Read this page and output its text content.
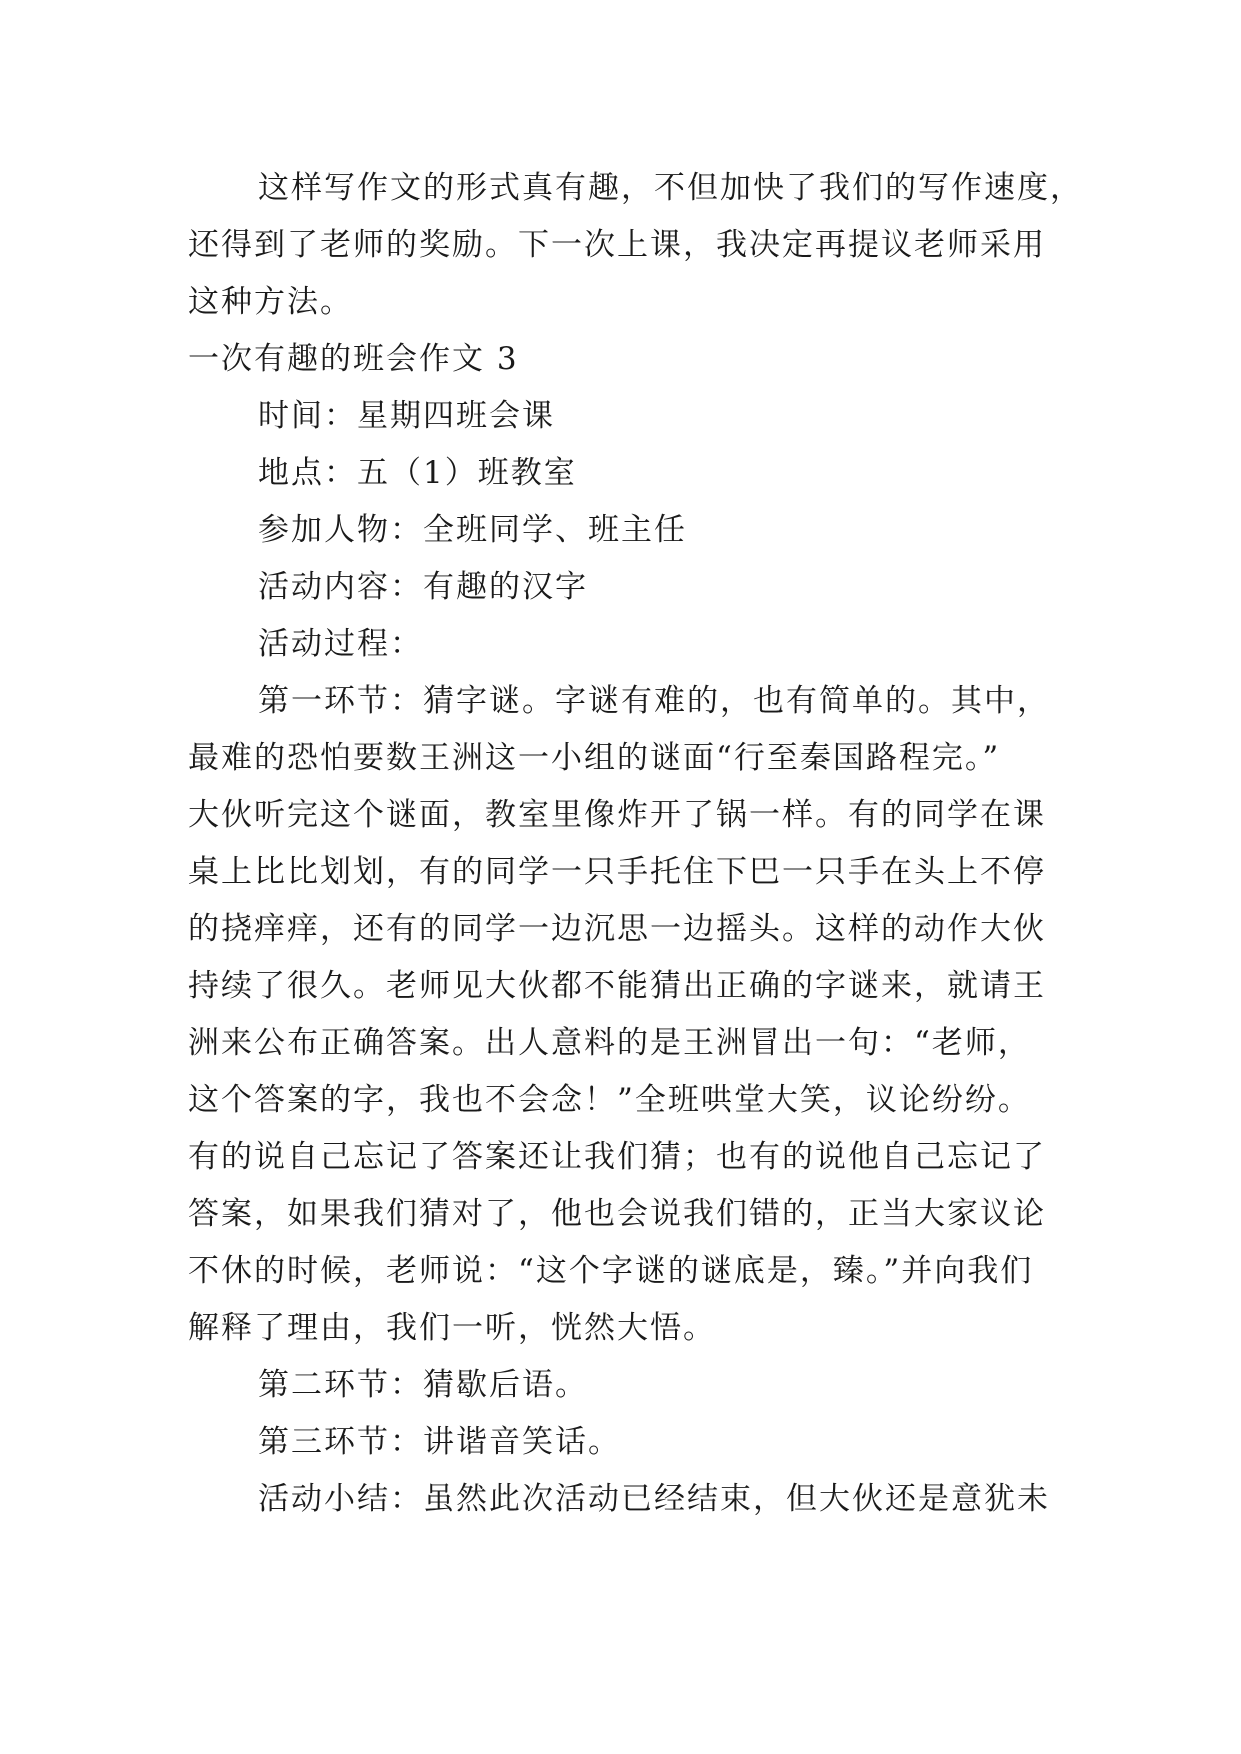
这样写作文的形式真有趣，不但加快了我们的写作速度，
还得到了老师的奖励。下一次上课，我决定再提议老师采用
这种方法。
一次有趣的班会作文 3
时间：星期四班会课
地点：五（1）班教室
参加人物：全班同学、班主任
活动内容：有趣的汉字
活动过程：
第一环节：猜字谜。字谜有难的，也有简单的。其中，
最难的恐怕要数王洲这一小组的谜面“行至秦国路程完。”
大伙听完这个谜面，教室里像炸开了锅一样。有的同学在课
桌上比比划划，有的同学一只手托住下巴一只手在头上不停
的挠痒痒，还有的同学一边沉思一边摇头。这样的动作大伙
持续了很久。老师见大伙都不能猜出正确的字谜来，就请王
洲来公布正确答案。出人意料的是王洲冒出一句：“老师，
这个答案的字，我也不会念！”全班哄堂大笑，议论纷纷。
有的说自己忘记了答案还让我们猜；也有的说他自己忘记了
答案，如果我们猜对了，他也会说我们错的，正当大家议论
不休的时候，老师说：“这个字谜的谜底是，臻。”并向我们
解释了理由，我们一听，恍然大悟。
第二环节：猜歇后语。
第三环节：讲谐音笑话。
活动小结：虽然此次活动已经结束，但大伙还是意犹未
